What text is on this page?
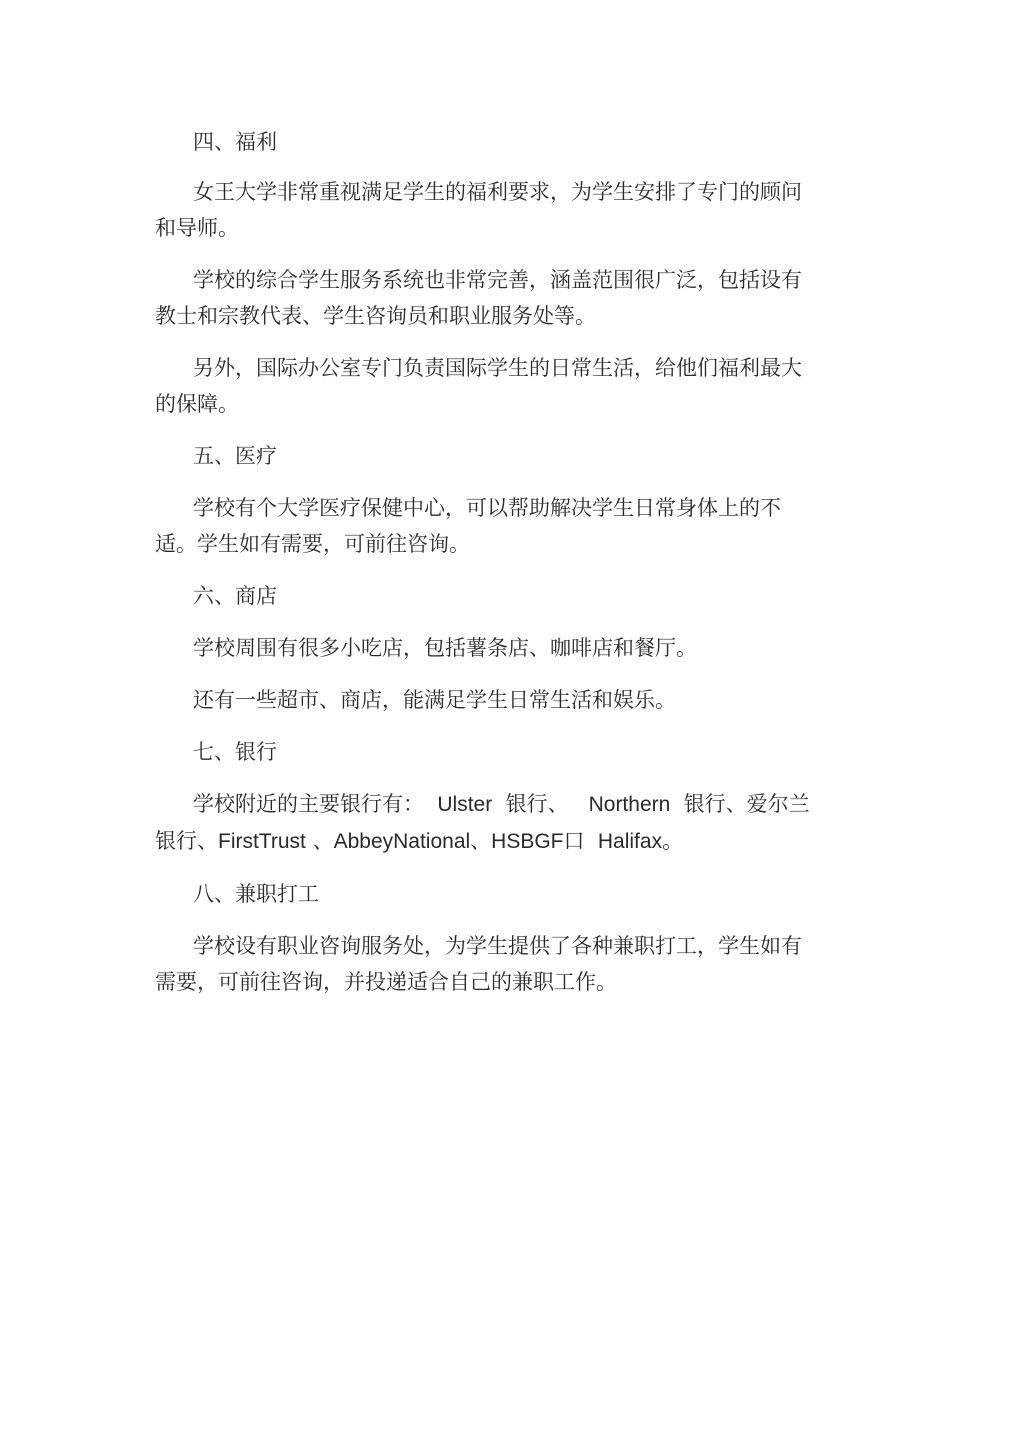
四、福利

女王大学非常重视满足学生的福利要求，为学生安排了专门的顾问和导师。

学校的综合学生服务系统也非常完善，涵盖范围很广泛，包括设有教士和宗教代表、学生咨询员和职业服务处等。

另外，国际办公室专门负责国际学生的日常生活，给他们福利最大的保障。

五、医疗

学校有个大学医疗保健中心，可以帮助解决学生日常身体上的不适。学生如有需要，可前往咨询。

六、商店

学校周围有很多小吃店，包括薯条店、咖啡店和餐厅。

还有一些超市、商店，能满足学生日常生活和娱乐。

七、银行

学校附近的主要银行有： Ulster 银行、 Northern 银行、爱尔兰银行、FirstTrust 、AbbeyNational、HSBGF口 Halifax。

八、兼职打工

学校设有职业咨询服务处，为学生提供了各种兼职打工，学生如有需要，可前往咨询，并投递适合自己的兼职工作。
